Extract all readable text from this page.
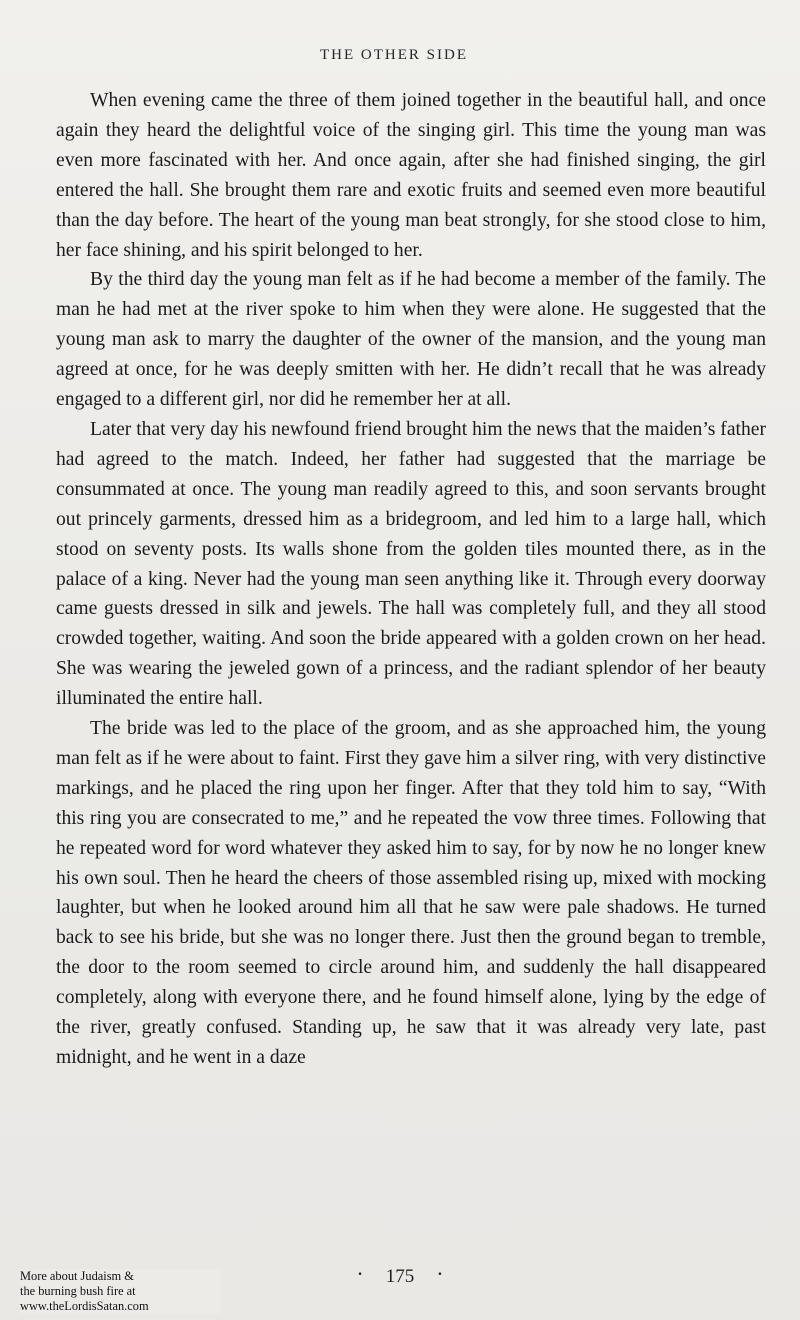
THE OTHER SIDE

When evening came the three of them joined together in the beautiful hall, and once again they heard the delightful voice of the singing girl. This time the young man was even more fascinated with her. And once again, after she had finished singing, the girl entered the hall. She brought them rare and exotic fruits and seemed even more beautiful than the day before. The heart of the young man beat strongly, for she stood close to him, her face shining, and his spirit belonged to her.

By the third day the young man felt as if he had become a member of the family. The man he had met at the river spoke to him when they were alone. He suggested that the young man ask to marry the daughter of the owner of the mansion, and the young man agreed at once, for he was deeply smitten with her. He didn’t recall that he was already engaged to a different girl, nor did he remember her at all.

Later that very day his newfound friend brought him the news that the maiden’s father had agreed to the match. Indeed, her father had suggested that the marriage be consummated at once. The young man readily agreed to this, and soon servants brought out princely garments, dressed him as a bridegroom, and led him to a large hall, which stood on seventy posts. Its walls shone from the golden tiles mounted there, as in the palace of a king. Never had the young man seen anything like it. Through every doorway came guests dressed in silk and jewels. The hall was completely full, and they all stood crowded together, waiting. And soon the bride appeared with a golden crown on her head. She was wearing the jeweled gown of a princess, and the radiant splendor of her beauty illuminated the entire hall.

The bride was led to the place of the groom, and as she approached him, the young man felt as if he were about to faint. First they gave him a silver ring, with very distinctive markings, and he placed the ring upon her finger. After that they told him to say, “With this ring you are consecrated to me,” and he repeated the vow three times. Following that he repeated word for word whatever they asked him to say, for by now he no longer knew his own soul. Then he heard the cheers of those assembled rising up, mixed with mocking laughter, but when he looked around him all that he saw were pale shadows. He turned back to see his bride, but she was no longer there. Just then the ground began to tremble, the door to the room seemed to circle around him, and suddenly the hall disappeared completely, along with everyone there, and he found himself alone, lying by the edge of the river, greatly confused. Standing up, he saw that it was already very late, past midnight, and he went in a daze

· 175 ·
More about Judaism &
the burning bush fire at
www.theLordisSatan.com
